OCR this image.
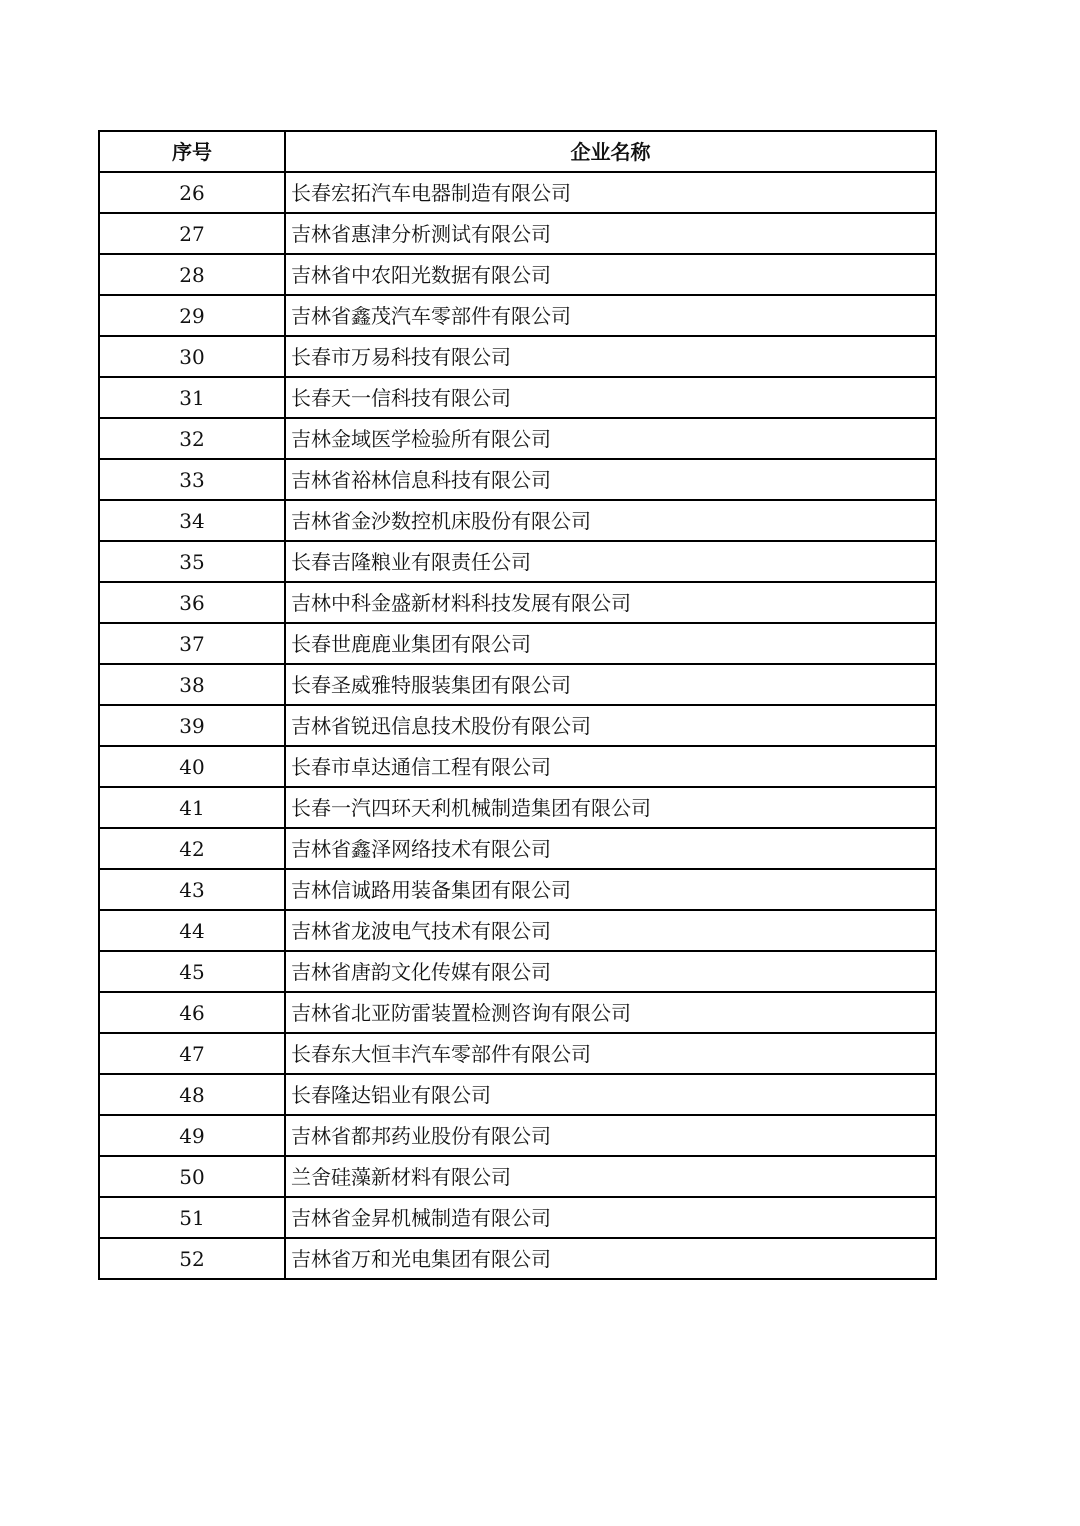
序号	企业名称
26	长春宏拓汽车电器制造有限公司
27	吉林省惠津分析测试有限公司
28	吉林省中农阳光数据有限公司
29	吉林省鑫茂汽车零部件有限公司
30	长春市万易科技有限公司
31	长春天一信科技有限公司
32	吉林金域医学检验所有限公司
33	吉林省裕林信息科技有限公司
34	吉林省金沙数控机床股份有限公司
35	长春吉隆粮业有限责任公司
36	吉林中科金盛新材料科技发展有限公司
37	长春世鹿鹿业集团有限公司
38	长春圣威雅特服装集团有限公司
39	吉林省锐迅信息技术股份有限公司
40	长春市卓达通信工程有限公司
41	长春一汽四环天利机械制造集团有限公司
42	吉林省鑫泽网络技术有限公司
43	吉林信诚路用装备集团有限公司
44	吉林省龙波电气技术有限公司
45	吉林省唐韵文化传媒有限公司
46	吉林省北亚防雷装置检测咨询有限公司
47	长春东大恒丰汽车零部件有限公司
48	长春隆达铝业有限公司
49	吉林省都邦药业股份有限公司
50	兰舍硅藻新材料有限公司
51	吉林省金昇机械制造有限公司
52	吉林省万和光电集团有限公司
